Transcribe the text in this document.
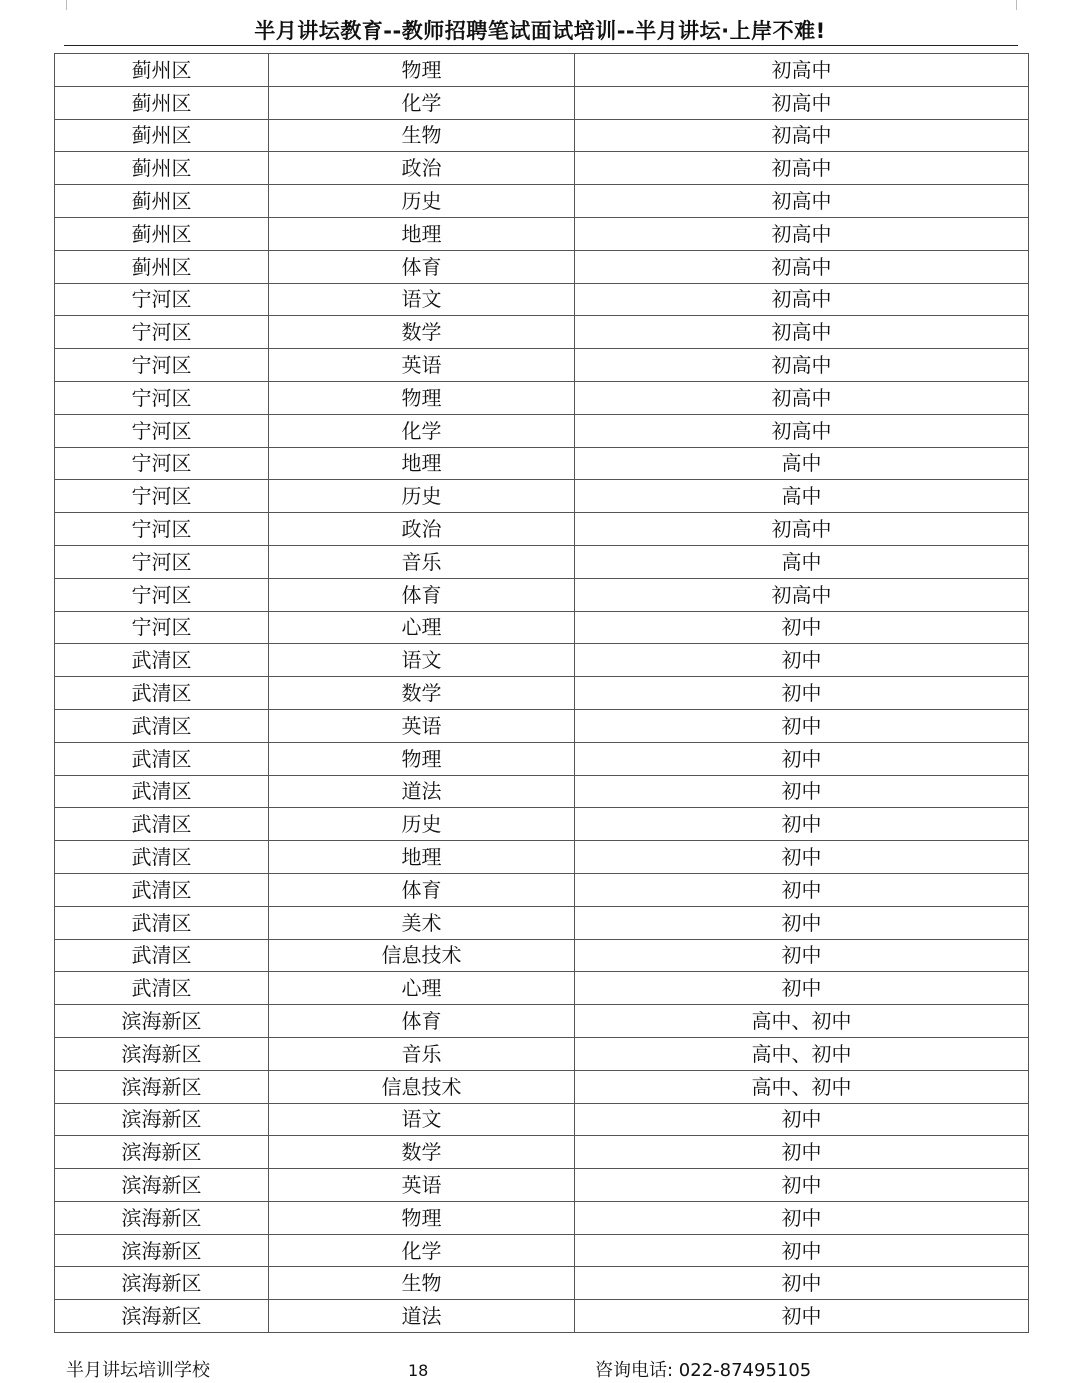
半月讲坛教育--教师招聘笔试面试培训--半月讲坛·上岸不难!
蓟州区	物理	初高中
蓟州区	化学	初高中
蓟州区	生物	初高中
蓟州区	政治	初高中
蓟州区	历史	初高中
蓟州区	地理	初高中
蓟州区	体育	初高中
宁河区	语文	初高中
宁河区	数学	初高中
宁河区	英语	初高中
宁河区	物理	初高中
宁河区	化学	初高中
宁河区	地理	高中
宁河区	历史	高中
宁河区	政治	初高中
宁河区	音乐	高中
宁河区	体育	初高中
宁河区	心理	初中
武清区	语文	初中
武清区	数学	初中
武清区	英语	初中
武清区	物理	初中
武清区	道法	初中
武清区	历史	初中
武清区	地理	初中
武清区	体育	初中
武清区	美术	初中
武清区	信息技术	初中
武清区	心理	初中
滨海新区	体育	高中、初中
滨海新区	音乐	高中、初中
滨海新区	信息技术	高中、初中
滨海新区	语文	初中
滨海新区	数学	初中
滨海新区	英语	初中
滨海新区	物理	初中
滨海新区	化学	初中
滨海新区	生物	初中
滨海新区	道法	初中
半月讲坛培训学校	18	咨询电话: 022-87495105
